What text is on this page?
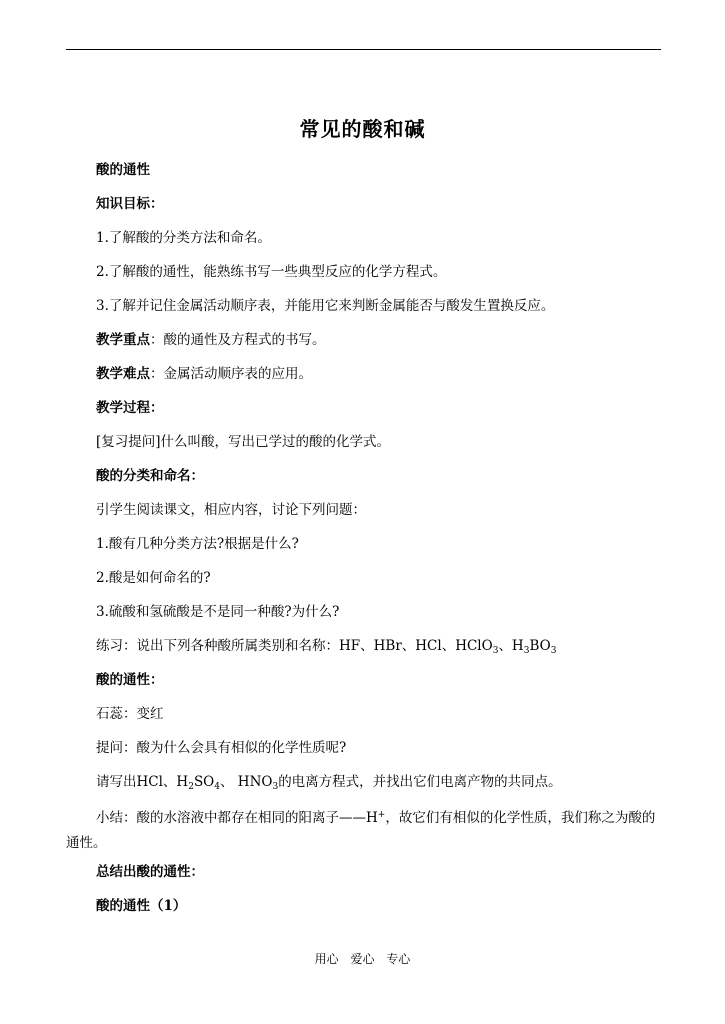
常见的酸和碱
酸的通性
知识目标：
1.了解酸的分类方法和命名。
2.了解酸的通性，能熟练书写一些典型反应的化学方程式。
3.了解并记住金属活动顺序表，并能用它来判断金属能否与酸发生置换反应。
教学重点：酸的通性及方程式的书写。
教学难点：金属活动顺序表的应用。
教学过程：
[复习提问]什么叫酸，写出已学过的酸的化学式。
酸的分类和命名：
引学生阅读课文，相应内容，讨论下列问题：
1.酸有几种分类方法?根据是什么?
2.酸是如何命名的?
3.硫酸和氢硫酸是不是同一种酸?为什么?
练习：说出下列各种酸所属类别和名称：HF、HBr、HCl、HClO$_3$、$H_3BO_3$
酸的通性：
石蕊：变红
提问：酸为什么会具有相似的化学性质呢?
请写出HCl、$H_2SO_4$、 $HNO_3$的电离方程式，并找出它们电离产物的共同点。
小结：酸的水溶液中都存在相同的阳离子——H+，故它们有相似的化学性质，我们称之为酸的通性。
总结出酸的通性：
酸的通性（1）
用心 爱心 专心
